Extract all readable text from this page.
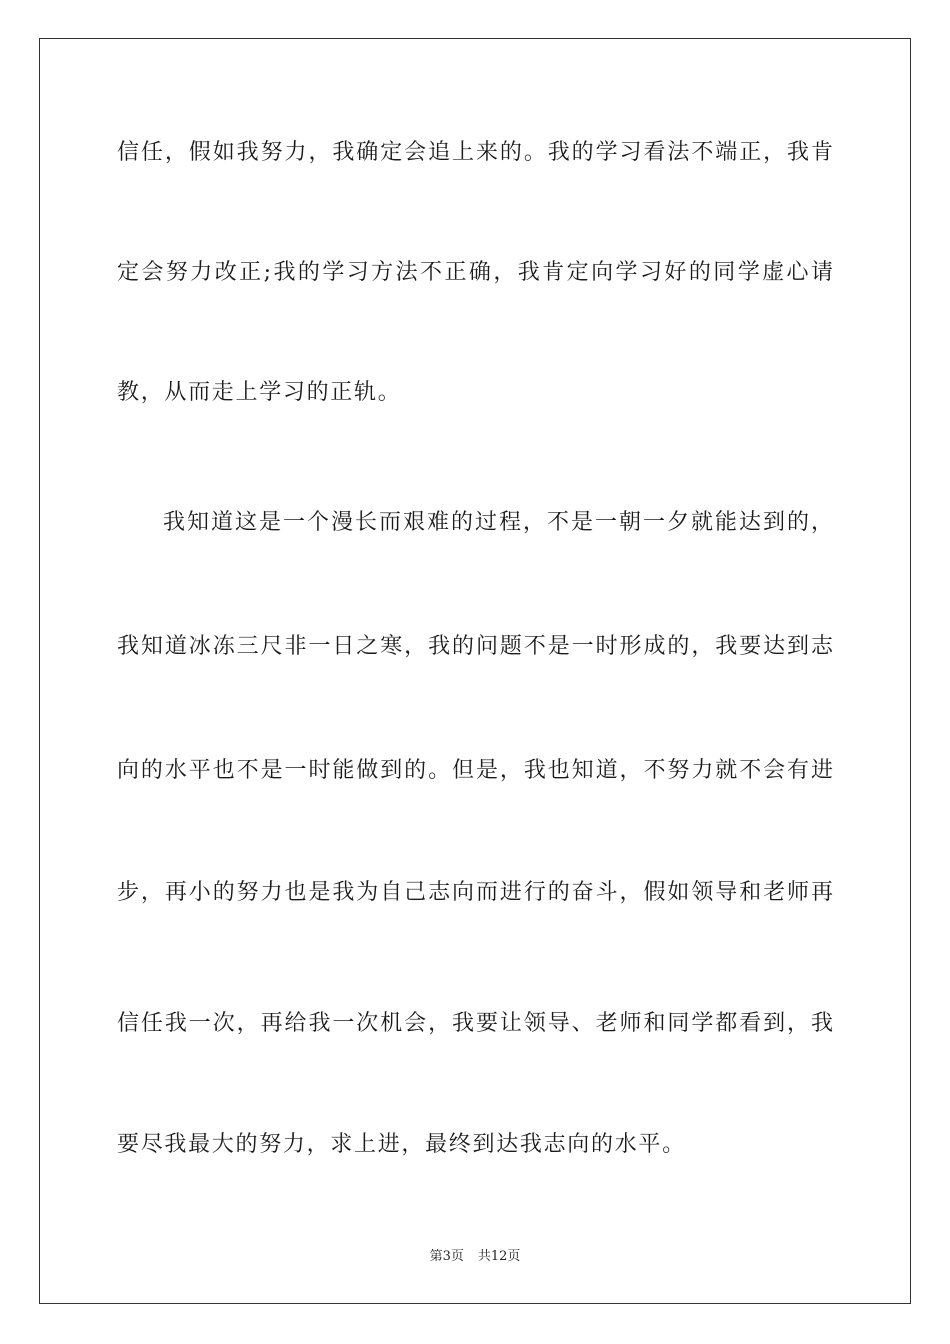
信任，假如我努力，我确定会追上来的。我的学习看法不端正，我肯
定会努力改正;我的学习方法不正确，我肯定向学习好的同学虚心请
教，从而走上学习的正轨。
我知道这是一个漫长而艰难的过程，不是一朝一夕就能达到的，
我知道冰冻三尺非一日之寒，我的问题不是一时形成的，我要达到志
向的水平也不是一时能做到的。但是，我也知道，不努力就不会有进
步，再小的努力也是我为自己志向而进行的奋斗，假如领导和老师再
信任我一次，再给我一次机会，我要让领导、老师和同学都看到，我
要尽我最大的努力，求上进，最终到达我志向的水平。
第3页 共12页
